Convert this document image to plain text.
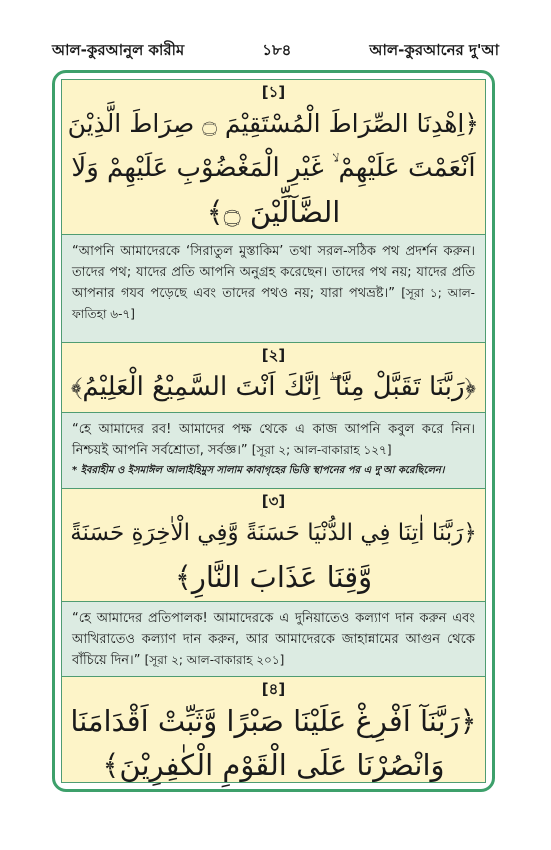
আল-কুরআনুল কারীম	১৮৪	আল-কুরআনের দু'আ
[১]
﴿اِهْدِنَا الصِّرَاطَ الْمُسْتَقِيْمَ ۝ صِرَاطَ الَّذِيْنَ
اَنْعَمْتَ عَلَيْهِمْ ۙ غَيْرِ الْمَغْضُوْبِ عَلَيْهِمْ وَلَا
الضَّآلِّيْنَ ۝﴾
“আপনি আমাদেরকে ‘সিরাতুল মুস্তাকিম’ তথা সরল-সঠিক পথ প্রদর্শন করুন। তাদের পথ; যাদের প্রতি আপনি অনুগ্রহ করেছেন। তাদের পথ নয়; যাদের প্রতি আপনার গযব পড়েছে এবং তাদের পথও নয়; যারা পথভ্রষ্ট।” [সূরা ১; আল-ফাতিহা ৬-৭]
[২]
﴿رَبَّنَا تَقَبَّلْ مِنَّا ۖ اِنَّكَ اَنْتَ السَّمِيْعُ الْعَلِيْمُ﴾
“হে আমাদের রব! আমাদের পক্ষ থেকে এ কাজ আপনি কবুল করে নিন। নিশ্চয়ই আপনি সর্বশ্রোতা, সর্বজ্ঞ।” [সূরা ২; আল-বাকারাহ ১২৭]
* ইবরাহীম ও ইসমাঈল আলাইহিমুস সালাম কাবাগৃহের ভিত্তি স্থাপনের পর এ দু'আ করেছিলেন।
[৩]
﴿رَبَّنَا اٰتِنَا فِي الدُّنْيَا حَسَنَةً وَّفِي الْاٰخِرَةِ حَسَنَةً
وَّقِنَا عَذَابَ النَّارِ﴾
“হে আমাদের প্রতিপালক! আমাদেরকে এ দুনিয়াতেও কল্যাণ দান করুন এবং আখিরাতেও কল্যাণ দান করুন, আর আমাদেরকে জাহান্নামের আগুন থেকে বাঁচিয়ে দিন।” [সূরা ২; আল-বাকারাহ ২০১]
[৪]
﴿رَبَّنَآ اَفْرِغْ عَلَيْنَا صَبْرًا وَّثَبِّتْ اَقْدَامَنَا
وَانْصُرْنَا عَلَى الْقَوْمِ الْكٰفِرِيْنَ﴾
